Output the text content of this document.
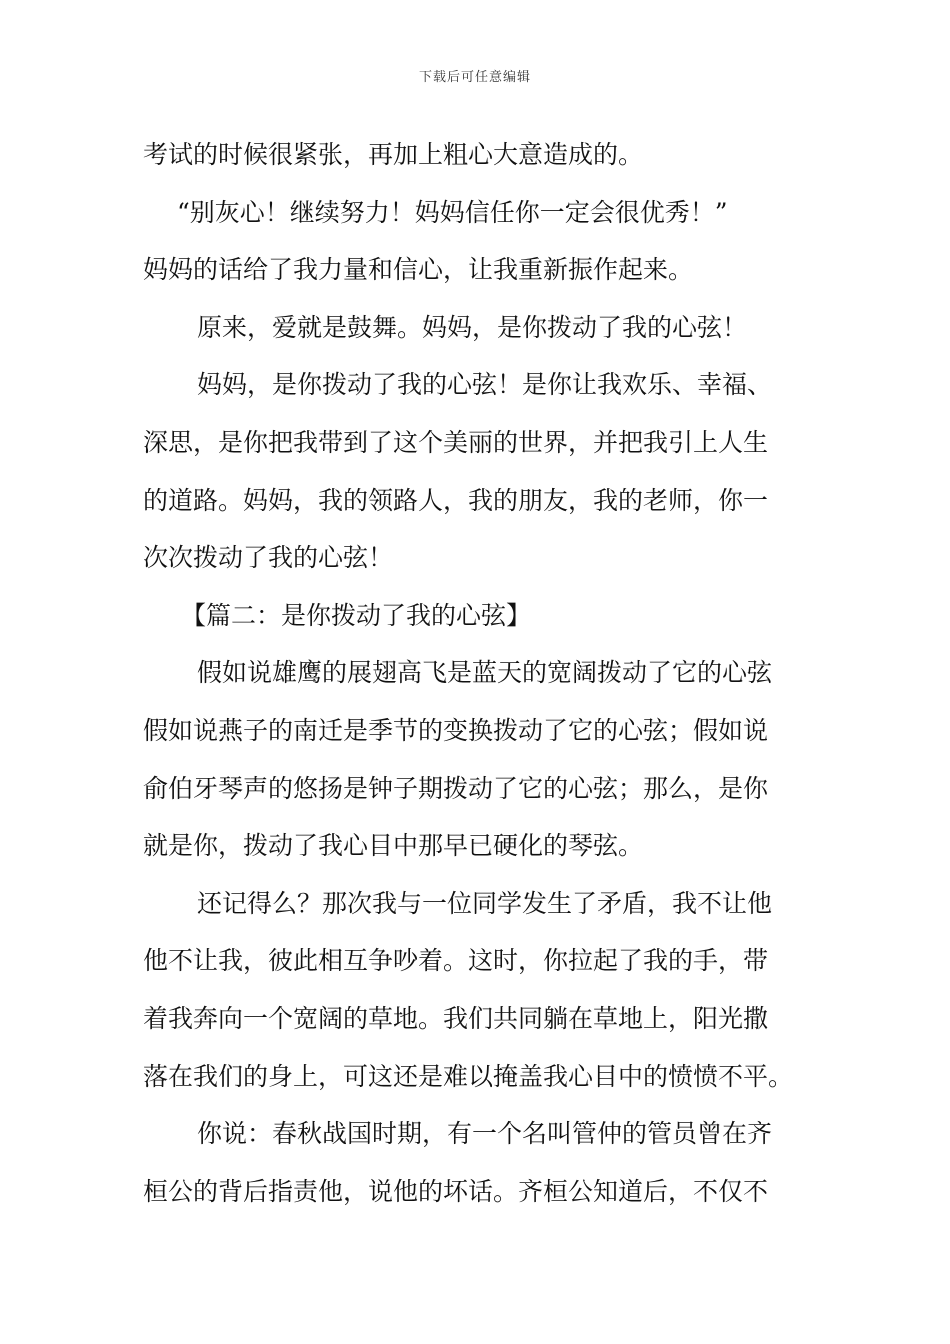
下载后可任意编辑

考试的时候很紧张，再加上粗心大意造成的。

“别灰心！继续努力！妈妈信任你一定会很优秀！”
妈妈的话给了我力量和信心，让我重新振作起来。

原来，爱就是鼓舞。妈妈，是你拨动了我的心弦！

妈妈，是你拨动了我的心弦！是你让我欢乐、幸福、
深思，是你把我带到了这个美丽的世界，并把我引上人生
的道路。妈妈，我的领路人，我的朋友，我的老师，你一
次次拨动了我的心弦！

【篇二：是你拨动了我的心弦】

假如说雄鹰的展翅高飞是蓝天的宽阔拨动了它的心弦
假如说燕子的南迁是季节的变换拨动了它的心弦；假如说
俞伯牙琴声的悠扬是钟子期拨动了它的心弦；那么，是你
就是你，拨动了我心目中那早已硬化的琴弦。

还记得么？那次我与一位同学发生了矛盾，我不让他
他不让我，彼此相互争吵着。这时，你拉起了我的手，带
着我奔向一个宽阔的草地。我们共同躺在草地上，阳光撒
落在我们的身上，可这还是难以掩盖我心目中的愤愤不平。

你说：春秋战国时期，有一个名叫管仲的管员曾在齐
桓公的背后指责他，说他的坏话。齐桓公知道后，不仅不
